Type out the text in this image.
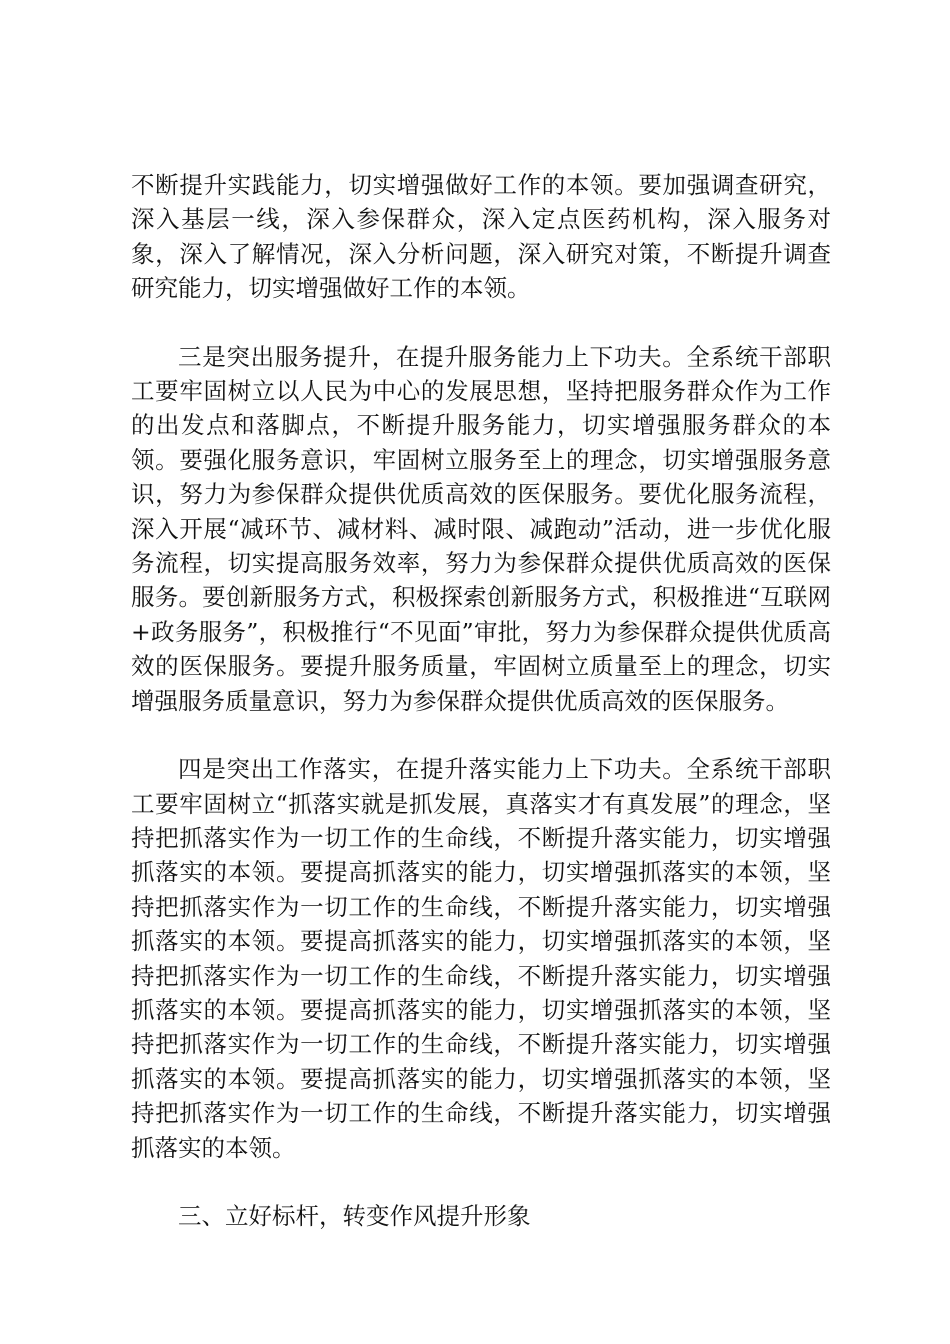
不断提升实践能力，切实增强做好工作的本领。要加强调查研究，深入基层一线，深入参保群众，深入定点医药机构，深入服务对象，深入了解情况，深入分析问题，深入研究对策，不断提升调查研究能力，切实增强做好工作的本领。

三是突出服务提升，在提升服务能力上下功夫。全系统干部职工要牢固树立以人民为中心的发展思想，坚持把服务群众作为工作的出发点和落脚点，不断提升服务能力，切实增强服务群众的本领。要强化服务意识，牢固树立服务至上的理念，切实增强服务意识，努力为参保群众提供优质高效的医保服务。要优化服务流程，深入开展“减环节、减材料、减时限、减跑动”活动，进一步优化服务流程，切实提高服务效率，努力为参保群众提供优质高效的医保服务。要创新服务方式，积极探索创新服务方式，积极推进“互联网+政务服务”，积极推行“不见面”审批，努力为参保群众提供优质高效的医保服务。要提升服务质量，牢固树立质量至上的理念，切实增强服务质量意识，努力为参保群众提供优质高效的医保服务。

四是突出工作落实，在提升落实能力上下功夫。全系统干部职工要牢固树立“抓落实就是抓发展，真落实才有真发展”的理念，坚持把抓落实作为一切工作的生命线，不断提升落实能力，切实增强抓落实的本领。要提高抓落实的能力，切实增强抓落实的本领，坚持把抓落实作为一切工作的生命线，不断提升落实能力，切实增强抓落实的本领。要提高抓落实的能力，切实增强抓落实的本领，坚持把抓落实作为一切工作的生命线，不断提升落实能力，切实增强抓落实的本领。要提高抓落实的能力，切实增强抓落实的本领，坚持把抓落实作为一切工作的生命线，不断提升落实能力，切实增强抓落实的本领。要提高抓落实的能力，切实增强抓落实的本领，坚持把抓落实作为一切工作的生命线，不断提升落实能力，切实增强抓落实的本领。

三、立好标杆，转变作风提升形象
